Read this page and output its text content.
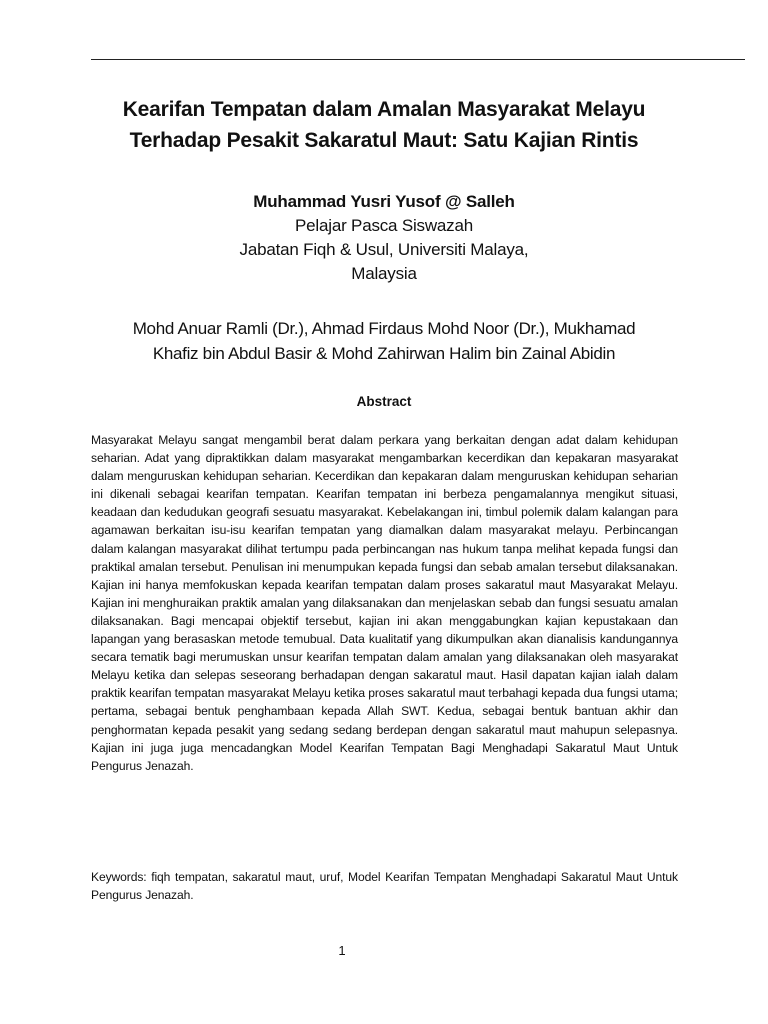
Kearifan Tempatan dalam Amalan Masyarakat Melayu
Terhadap Pesakit Sakaratul Maut: Satu Kajian Rintis
Muhammad Yusri Yusof @ Salleh
Pelajar Pasca Siswazah
Jabatan Fiqh & Usul, Universiti Malaya,
Malaysia

Mohd Anuar Ramli (Dr.), Ahmad Firdaus Mohd Noor (Dr.), Mukhamad
Khafiz bin Abdul Basir & Mohd Zahirwan Halim bin Zainal Abidin

Abstract

Masyarakat Melayu sangat mengambil berat dalam perkara yang berkaitan dengan adat dalam kehidupan seharian. Adat yang dipraktikkan dalam masyarakat mengambarkan kecerdikan dan kepakaran masyarakat dalam menguruskan kehidupan seharian. Kecerdikan dan kepakaran dalam menguruskan kehidupan seharian ini dikenali sebagai kearifan tempatan. Kearifan tempatan ini berbeza pengamalannya mengikut situasi, keadaan dan kedudukan geografi sesuatu masyarakat. Kebelakangan ini, timbul polemik dalam kalangan para agamawan berkaitan isu-isu kearifan tempatan yang diamalkan dalam masyarakat melayu. Perbincangan dalam kalangan masyarakat dilihat tertumpu pada perbincangan nas hukum tanpa melihat kepada fungsi dan praktikal amalan tersebut. Penulisan ini menumpukan kepada fungsi dan sebab amalan tersebut dilaksanakan. Kajian ini hanya memfokuskan kepada kearifan tempatan dalam proses sakaratul maut Masyarakat Melayu. Kajian ini menghuraikan praktik amalan yang dilaksanakan dan menjelaskan sebab dan fungsi sesuatu amalan dilaksanakan. Bagi mencapai objektif tersebut, kajian ini akan menggabungkan kajian kepustakaan dan lapangan yang berasaskan metode temubual. Data kualitatif yang dikumpulkan akan dianalisis kandungannya secara tematik bagi merumuskan unsur kearifan tempatan dalam amalan yang dilaksanakan oleh masyarakat Melayu ketika dan selepas seseorang berhadapan dengan sakaratul maut. Hasil dapatan kajian ialah dalam praktik kearifan tempatan masyarakat Melayu ketika proses sakaratul maut terbahagi kepada dua fungsi utama; pertama, sebagai bentuk penghambaan kepada Allah SWT. Kedua, sebagai bentuk bantuan akhir dan penghormatan kepada pesakit yang sedang sedang berdepan dengan sakaratul maut mahupun selepasnya. Kajian ini juga juga mencadangkan Model Kearifan Tempatan Bagi Menghadapi Sakaratul Maut Untuk Pengurus Jenazah.

Keywords: fiqh tempatan, sakaratul maut, uruf, Model Kearifan Tempatan Menghadapi Sakaratul Maut Untuk Pengurus Jenazah.

1
